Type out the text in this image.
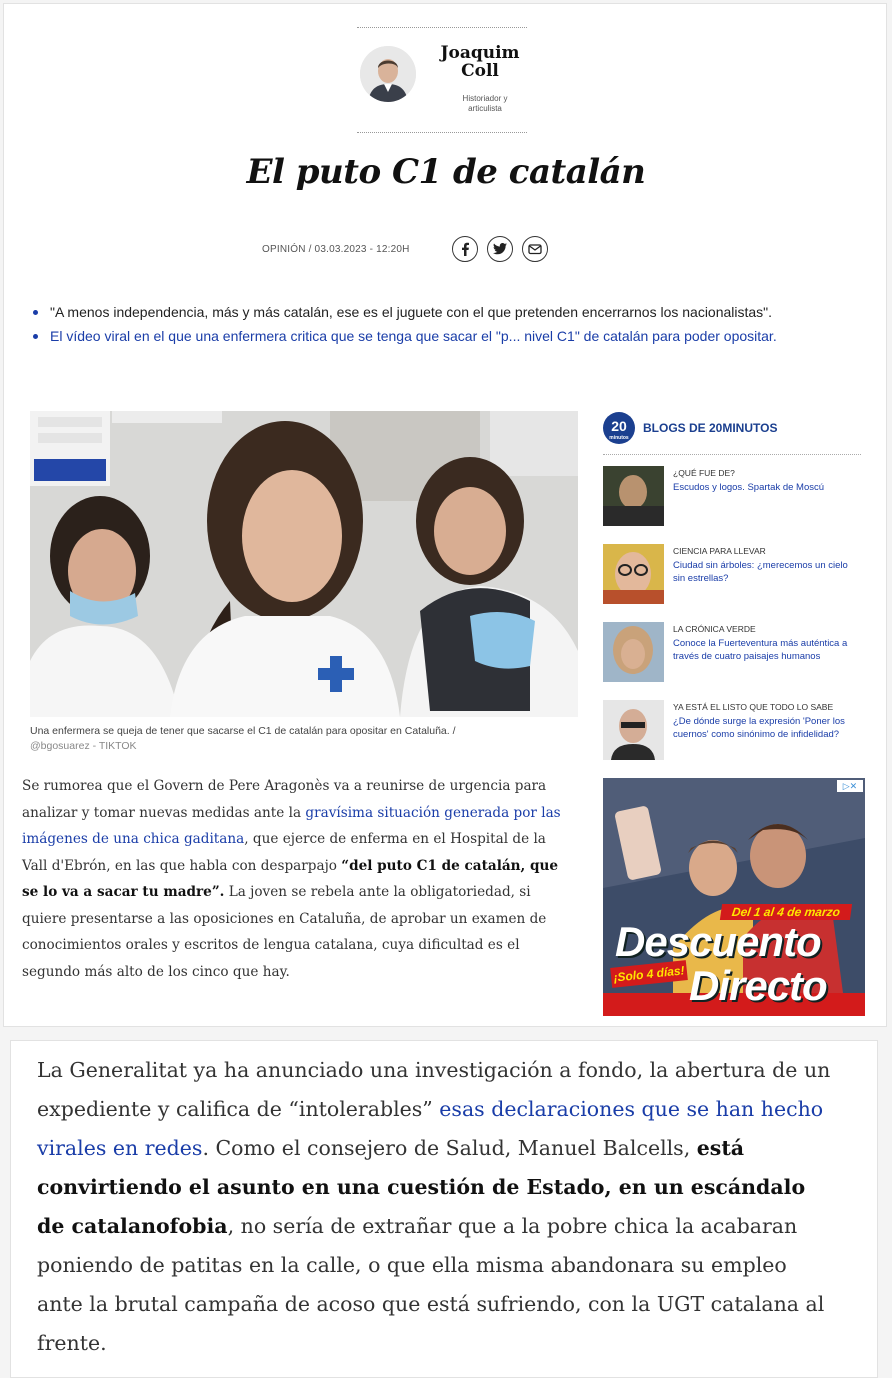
Joaquim Coll
Historiador y articulista
El puto C1 de catalán
OPINIÓN / 03.03.2023 - 12:20H
"A menos independencia, más y más catalán, ese es el juguete con el que pretenden encerrarnos los nacionalistas".
El vídeo viral en el que una enfermera critica que se tenga que sacar el "p... nivel C1" de catalán para poder opositar.
Una enfermera se queja de tener que sacarse el C1 de catalán para opositar en Cataluña. / @bgosuarez - TIKTOK

Se rumorea que el Govern de Pere Aragonès va a reunirse de urgencia para analizar y tomar nuevas medidas ante la gravísima situación generada por las imágenes de una chica gaditana, que ejerce de enferma en el Hospital de la Vall d'Ebrón, en las que habla con desparpajo “del puto C1 de catalán, que se lo va a sacar tu madre”. La joven se rebela ante la obligatoriedad, si quiere presentarse a las oposiciones en Cataluña, de aprobar un examen de conocimientos orales y escritos de lengua catalana, cuya dificultad es el segundo más alto de los cinco que hay.

20
minutos
BLOGS DE 20MINUTOS
¿QUÉ FUE DE?
Escudos y logos. Spartak de Moscú
CIENCIA PARA LLEVAR
Ciudad sin árboles: ¿merecemos un cielo sin estrellas?
LA CRÓNICA VERDE
Conoce la Fuerteventura más auténtica a través de cuatro paisajes humanos
YA ESTÁ EL LISTO QUE TODO LO SABE
¿De dónde surge la expresión 'Poner los cuernos' como sinónimo de infidelidad?
▷✕
Del 1 al 4 de marzo
Descuento
¡Solo 4 días! Directo

La Generalitat ya ha anunciado una investigación a fondo, la abertura de un expediente y califica de “intolerables” esas declaraciones que se han hecho virales en redes. Como el consejero de Salud, Manuel Balcells, está convirtiendo el asunto en una cuestión de Estado, en un escándalo de catalanofobia, no sería de extrañar que a la pobre chica la acabaran poniendo de patitas en la calle, o que ella misma abandonara su empleo ante la brutal campaña de acoso que está sufriendo, con la UGT catalana al frente.
